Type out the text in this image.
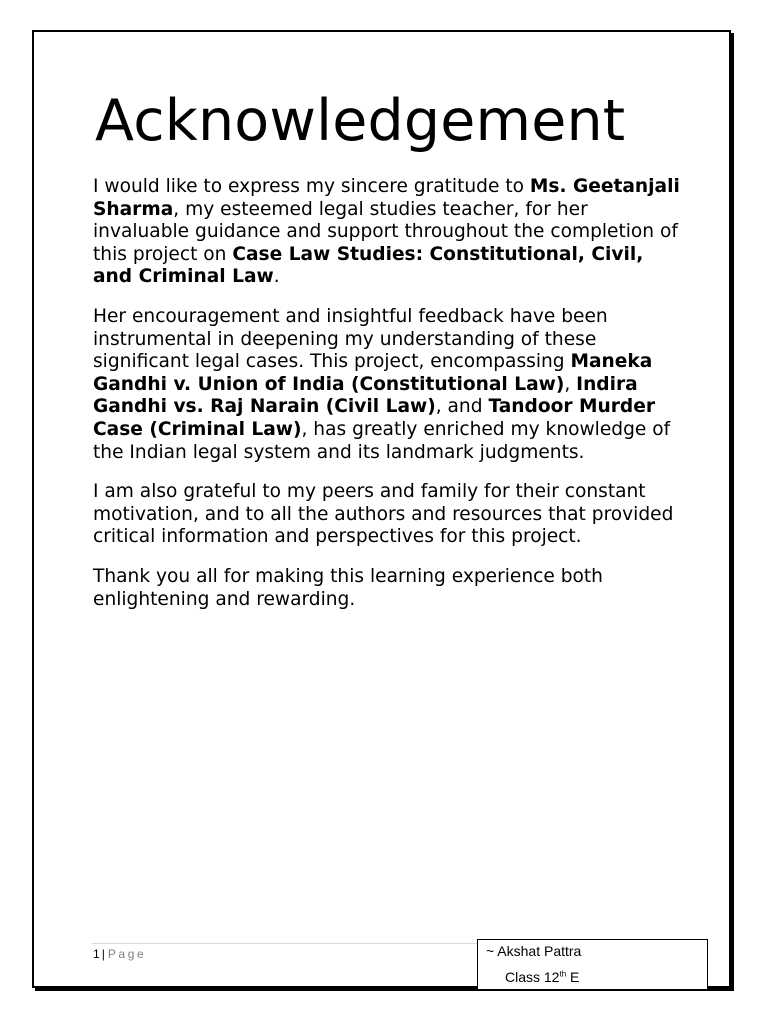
Acknowledgement

I would like to express my sincere gratitude to Ms. Geetanjali Sharma, my esteemed legal studies teacher, for her invaluable guidance and support throughout the completion of this project on Case Law Studies: Constitutional, Civil, and Criminal Law.

Her encouragement and insightful feedback have been instrumental in deepening my understanding of these significant legal cases. This project, encompassing Maneka Gandhi v. Union of India (Constitutional Law), Indira Gandhi vs. Raj Narain (Civil Law), and Tandoor Murder Case (Criminal Law), has greatly enriched my knowledge of the Indian legal system and its landmark judgments.

I am also grateful to my peers and family for their constant motivation, and to all the authors and resources that provided critical information and perspectives for this project.

Thank you all for making this learning experience both enlightening and rewarding.

1 | Page	~ Akshat Pattra
Class 12th E
